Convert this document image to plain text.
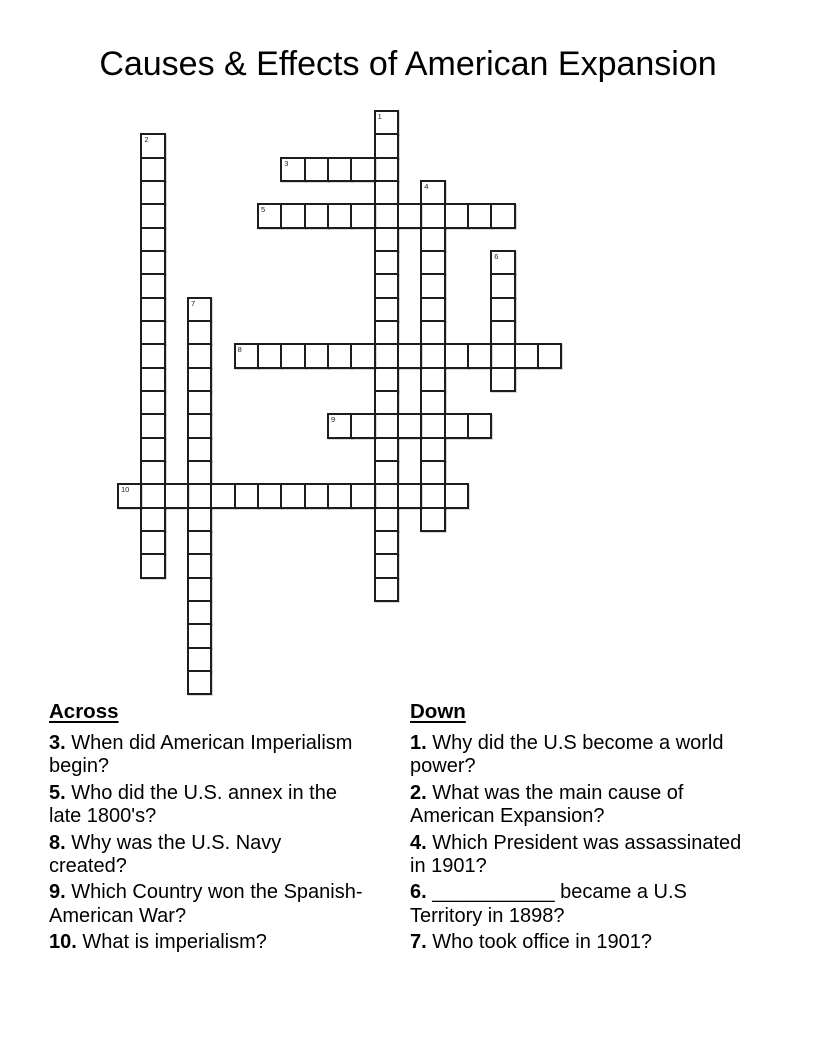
Causes & Effects of American Expansion
1
2
3
4
5
6
7
8
9
10
Across

3. When did American Imperialism begin?

5. Who did the U.S. annex in the late 1800's?

8. Why was the U.S. Navy created?

9. Which Country won the Spanish-American War?

10. What is imperialism?

Down

1. Why did the U.S become a world power?

2. What was the main cause of American Expansion?

4. Which President was assassinated in 1901?

6. ___________ became a U.S Territory in 1898?

7. Who took office in 1901?
